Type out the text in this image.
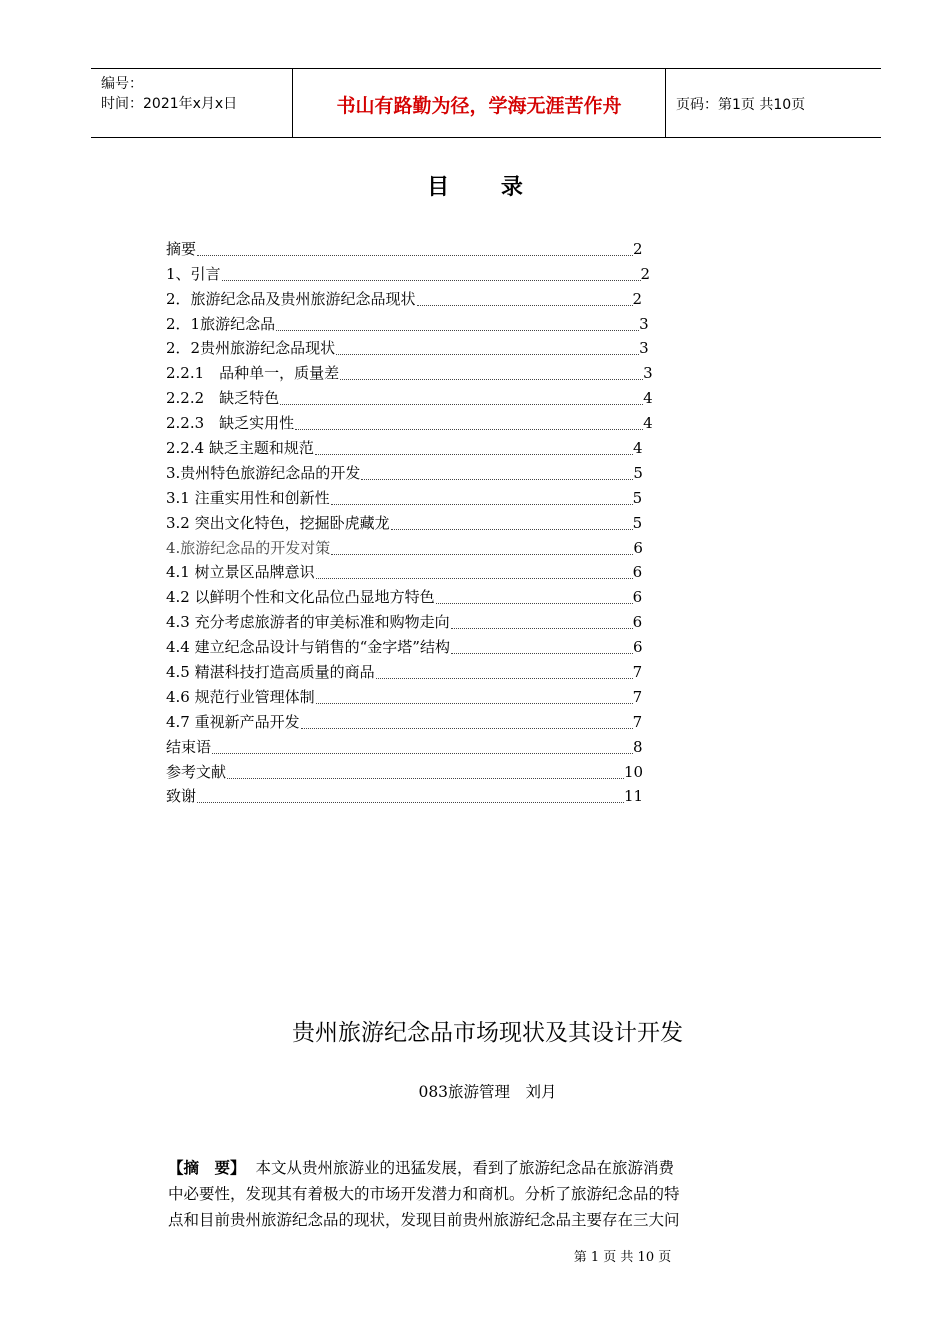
编号：
时间：2021年x月x日	书山有路勤为径，学海无涯苦作舟	页码：第1页 共10页
目 录
摘要	2
1、引言	2
2．旅游纪念品及贵州旅游纪念品现状	2
2．1旅游纪念品	3
2．2贵州旅游纪念品现状	3
2.2.1　品种单一，质量差	3
2.2.2　缺乏特色	4
2.2.3　缺乏实用性	4
2.2.4 缺乏主题和规范	4
3.贵州特色旅游纪念品的开发	5
3.1 注重实用性和创新性	5
3.2 突出文化特色，挖掘卧虎藏龙	5
4.旅游纪念品的开发对策	6
4.1 树立景区品牌意识	6
4.2 以鲜明个性和文化品位凸显地方特色	6
4.3 充分考虑旅游者的审美标准和购物走向	6
4.4 建立纪念品设计与销售的“金字塔”结构	6
4.5 精湛科技打造高质量的商品	7
4.6 规范行业管理体制	7
4.7 重视新产品开发	7
结束语	8
参考文献	10
致谢	11
贵州旅游纪念品市场现状及其设计开发
083旅游管理　刘月
【摘　要】 本文从贵州旅游业的迅猛发展，看到了旅游纪念品在旅游消费
中必要性，发现其有着极大的市场开发潜力和商机。分析了旅游纪念品的特
点和目前贵州旅游纪念品的现状，发现目前贵州旅游纪念品主要存在三大问
第 1 页 共 10 页
